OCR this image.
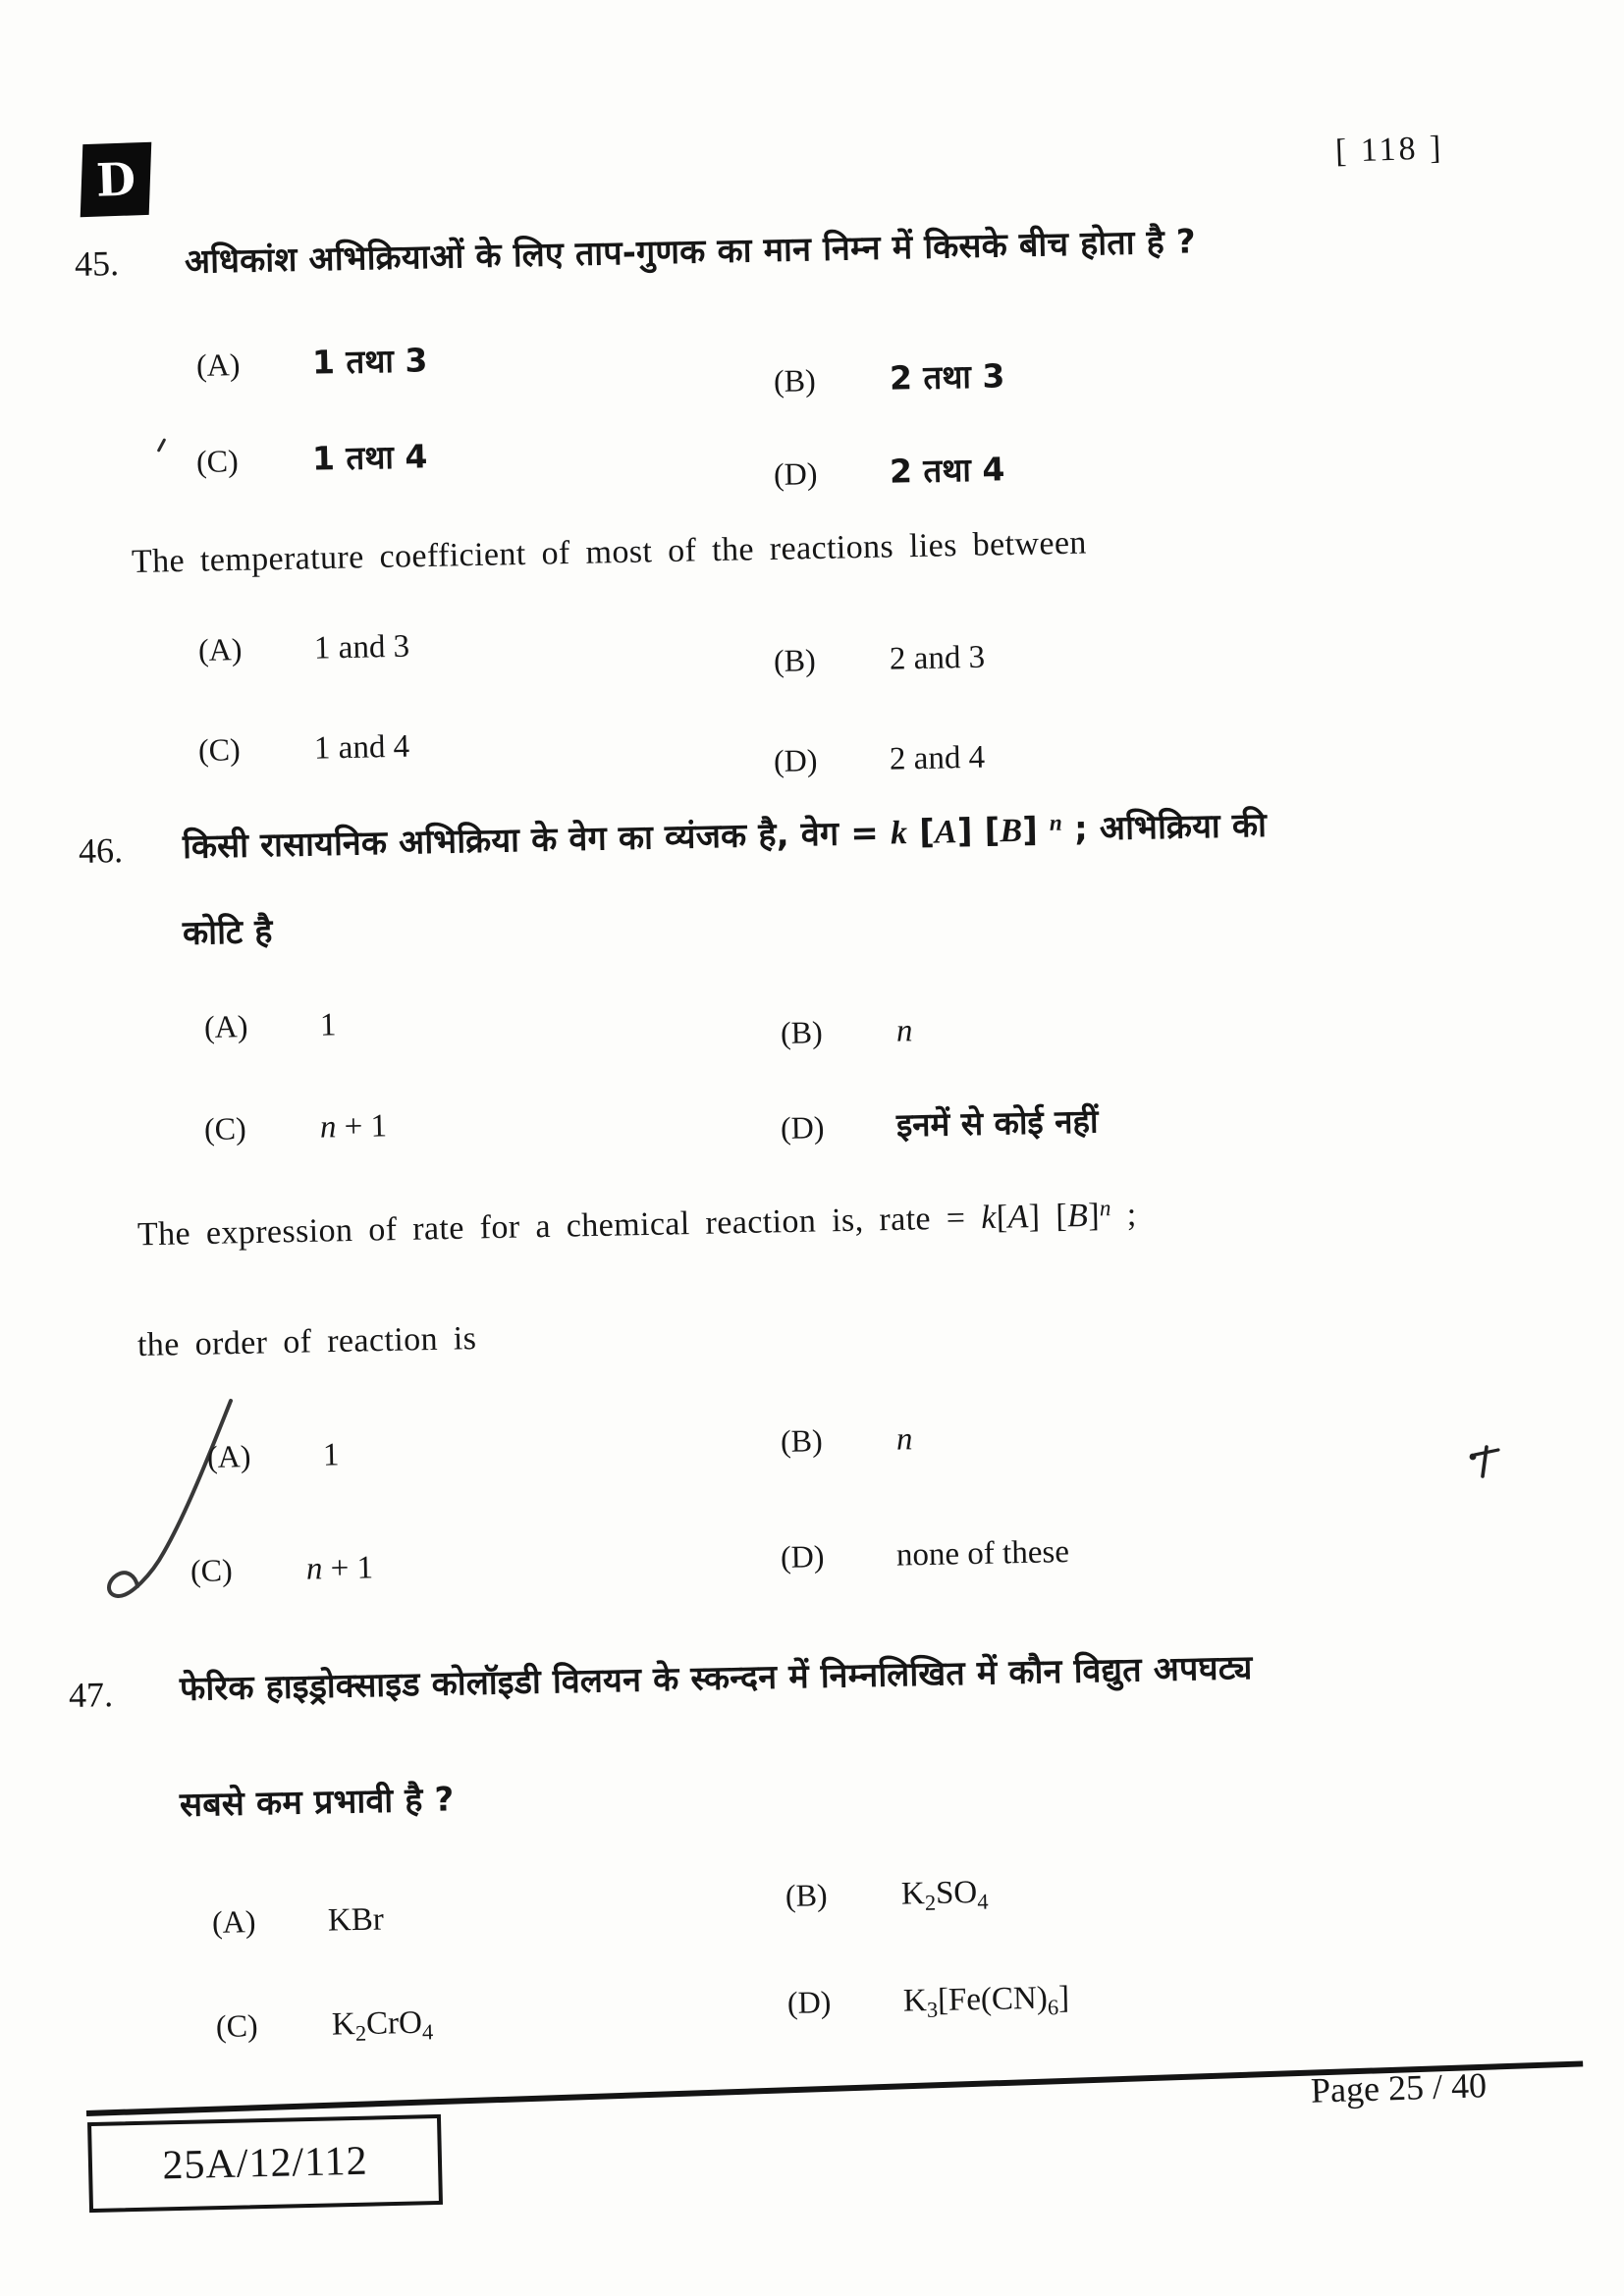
D
[ 118 ]
45. अधिकांश अभिक्रियाओं के लिए ताप-गुणक का मान निम्न में किसके बीच होता है ?
(A)	1 तथा 3	(B)	2 तथा 3
(C)	1 तथा 4	(D)	2 तथा 4
The temperature coefficient of most of the reactions lies between
(A)	1 and 3	(B)	2 and 3
(C)	1 and 4	(D)	2 and 4
46. किसी रासायनिक अभिक्रिया के वेग का व्यंजक है, वेग = k [A] [B] $^n$ ; अभिक्रिया की
कोटि है
(A)	1	(B)	n
(C)	n + 1	(D)	इनमें से कोई नहीं
The expression of rate for a chemical reaction is, rate = k[A] $[B]^n$ ;
the order of reaction is
(A)	1	(B)	n
(C)	n + 1	(D)	none of these
47. फेरिक हाइड्रोक्साइड कोलॉइडी विलयन के स्कन्दन में निम्नलिखित में कौन विद्युत अपघट्य
सबसे कम प्रभावी है ?
(A)	KBr
(B)	$K_2SO_4$
(C)	$K_2CrO_4$
(D)	$K_3[Fe(CN)_6]$
Page 25 / 40
25A/12/112
